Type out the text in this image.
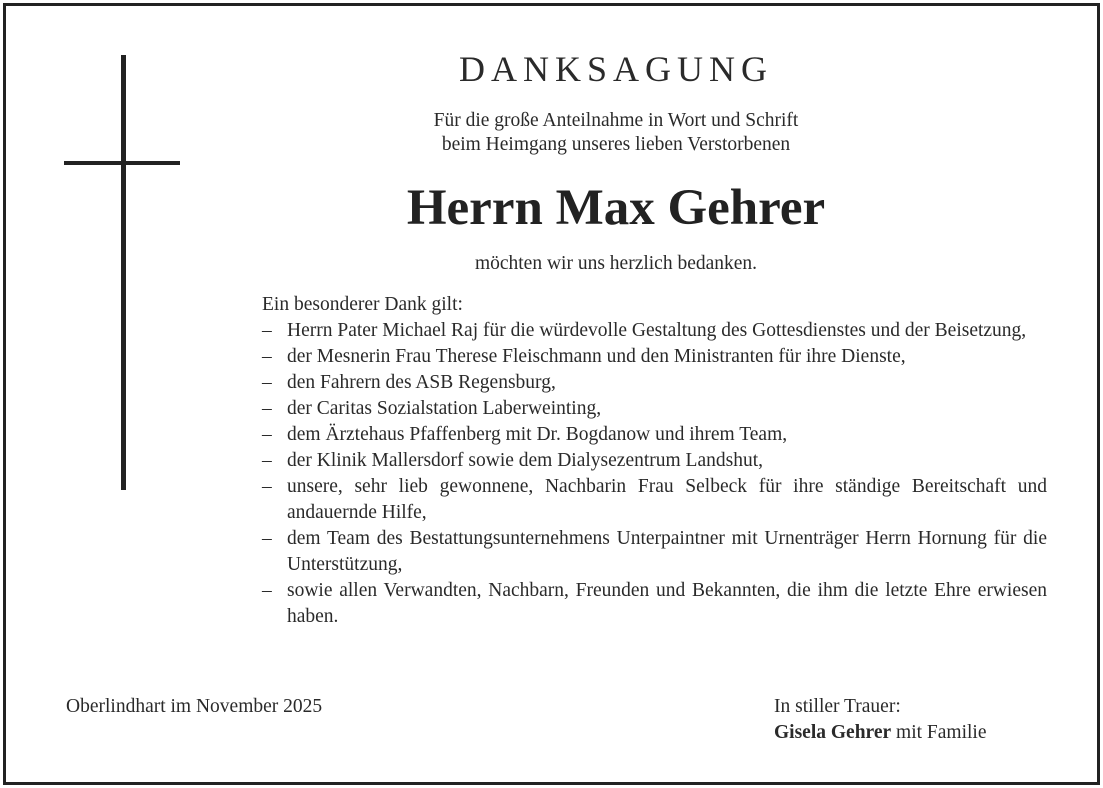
DANKSAGUNG
Für die große Anteilnahme in Wort und Schrift
beim Heimgang unseres lieben Verstorbenen
Herrn Max Gehrer
möchten wir uns herzlich bedanken.
Ein besonderer Dank gilt:
– Herrn Pater Michael Raj für die würdevolle Gestaltung des Gottesdienstes und der Beisetzung,
– der Mesnerin Frau Therese Fleischmann und den Ministranten für ihre Dienste,
– den Fahrern des ASB Regensburg,
– der Caritas Sozialstation Laberweinting,
– dem Ärztehaus Pfaffenberg mit Dr. Bogdanow und ihrem Team,
– der Klinik Mallersdorf sowie dem Dialysezentrum Landshut,
– unsere, sehr lieb gewonnene, Nachbarin Frau Selbeck für ihre ständige Bereitschaft und andauernde Hilfe,
– dem Team des Bestattungsunternehmens Unterpaintner mit Urnenträger Herrn Hornung für die Unterstützung,
– sowie allen Verwandten, Nachbarn, Freunden und Bekannten, die ihm die letzte Ehre erwiesen haben.
Oberlindhart im November 2025	In stiller Trauer:
Gisela Gehrer mit Familie
